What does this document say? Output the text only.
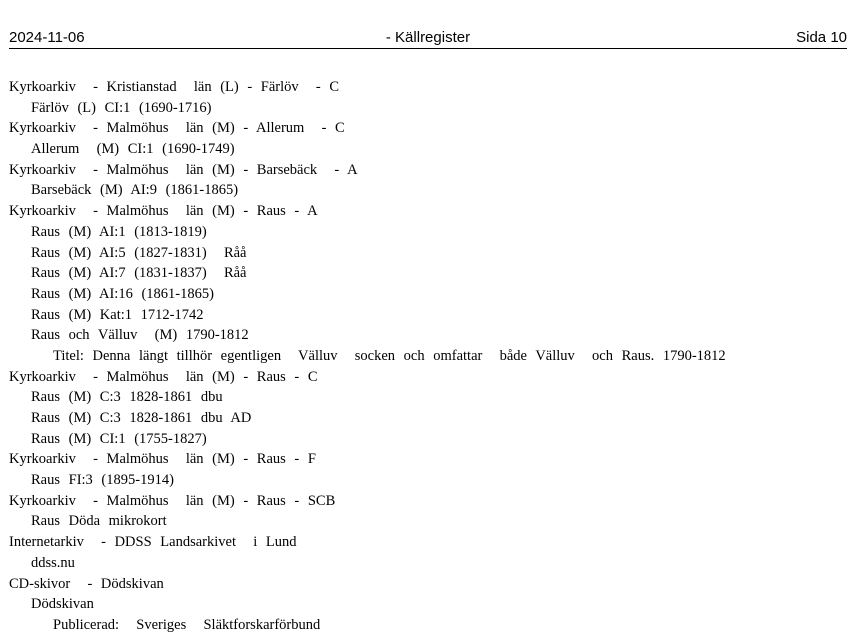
2024-11-06	- Källregister	Sida 10
Kyrkoarkiv  - Kristianstad  län (L) - Färlöv  - C
Färlöv (L) CI:1 (1690-1716)
Kyrkoarkiv  - Malmöhus  län (M) - Allerum  - C
Allerum  (M) CI:1 (1690-1749)
Kyrkoarkiv  - Malmöhus  län (M) - Barsebäck  - A
Barsebäck (M) AI:9 (1861-1865)
Kyrkoarkiv  - Malmöhus  län (M) - Raus - A
Raus (M) AI:1 (1813-1819)
Raus (M) AI:5 (1827-1831)  Råå
Raus (M) AI:7 (1831-1837)  Råå
Raus (M) AI:16 (1861-1865)
Raus (M) Kat:1 1712-1742
Raus och Välluv  (M) 1790-1812
Titel: Denna längt tillhör egentligen  Välluv  socken och omfattar  både Välluv  och Raus. 1790-1812
Kyrkoarkiv  - Malmöhus  län (M) - Raus - C
Raus (M) C:3 1828-1861 dbu
Raus (M) C:3 1828-1861 dbu AD
Raus (M) CI:1 (1755-1827)
Kyrkoarkiv  - Malmöhus  län (M) - Raus - F
Raus FI:3 (1895-1914)
Kyrkoarkiv  - Malmöhus  län (M) - Raus - SCB
Raus Döda mikrokort
Internetarkiv  - DDSS Landsarkivet  i Lund
ddss.nu
CD-skivor  - Dödskivan
Dödskivan
Publicerad:  Sveriges  Släktforskarförbund
